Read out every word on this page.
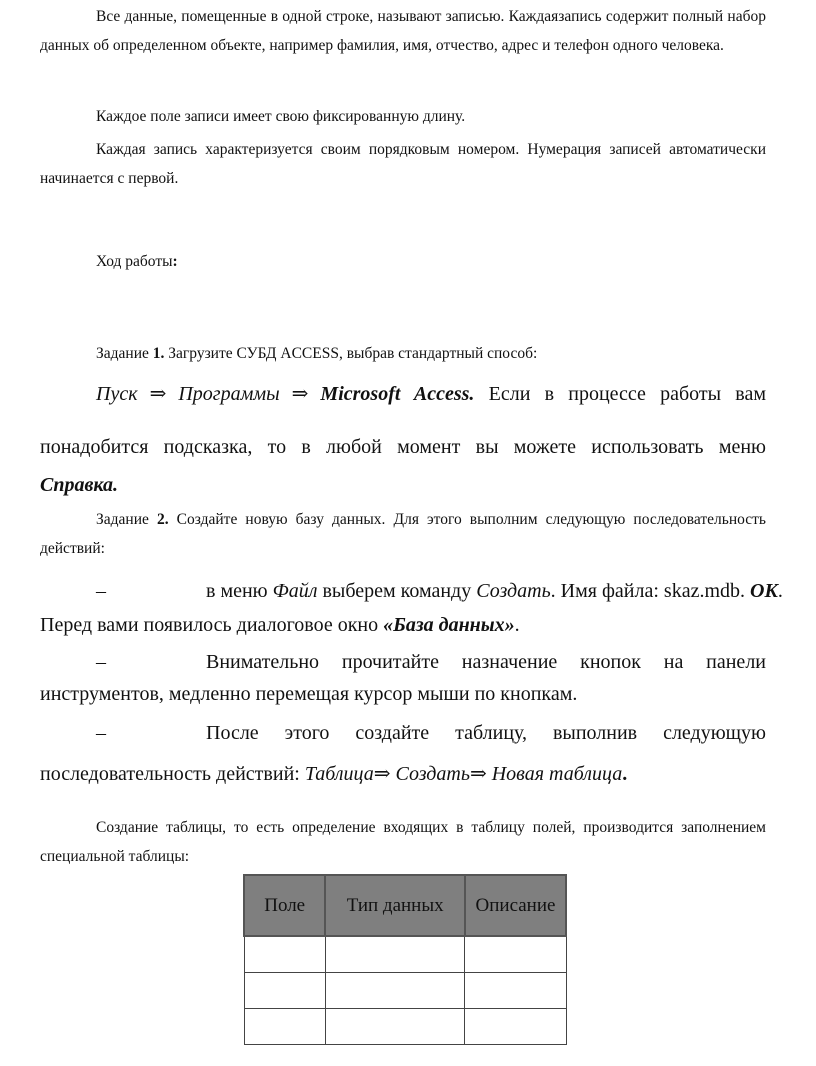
Все данные, помещенные в одной строке, называют записью. Каждаязапись содержит полный набор данных об определенном объекте, например фамилия, имя, отчество, адрес и телефон одного человека.

Каждое поле записи имеет свою фиксированную длину.

Каждая запись характеризуется своим порядковым номером. Нумерация записей автоматически начинается с первой.

Ход работы:

Задание 1. Загрузите СУБД ACCESS, выбрав стандартный способ:

Пуск ⇒ Программы ⇒ Microsoft Access. Если в процессе работы вам

понадобится подсказка, то в любой момент вы можете использовать меню

Справка.

Задание 2. Создайте новую базу данных. Для этого выполним следующую последовательность действий:

–	в меню Файл выберем команду Создать. Имя файла: skaz.mdb. OK.

Перед вами появилось диалоговое окно «База данных».

–	Внимательно прочитайте назначение кнопок на панели

инструментов, медленно перемещая курсор мыши по кнопкам.

–	После этого создайте таблицу, выполнив следующую

последовательность действий: Таблица⇒ Создать⇒ Новая таблица.

Создание таблицы, то есть определение входящих в таблицу полей, производится заполнением специальной таблицы:

Поле	Тип данных	Описание
